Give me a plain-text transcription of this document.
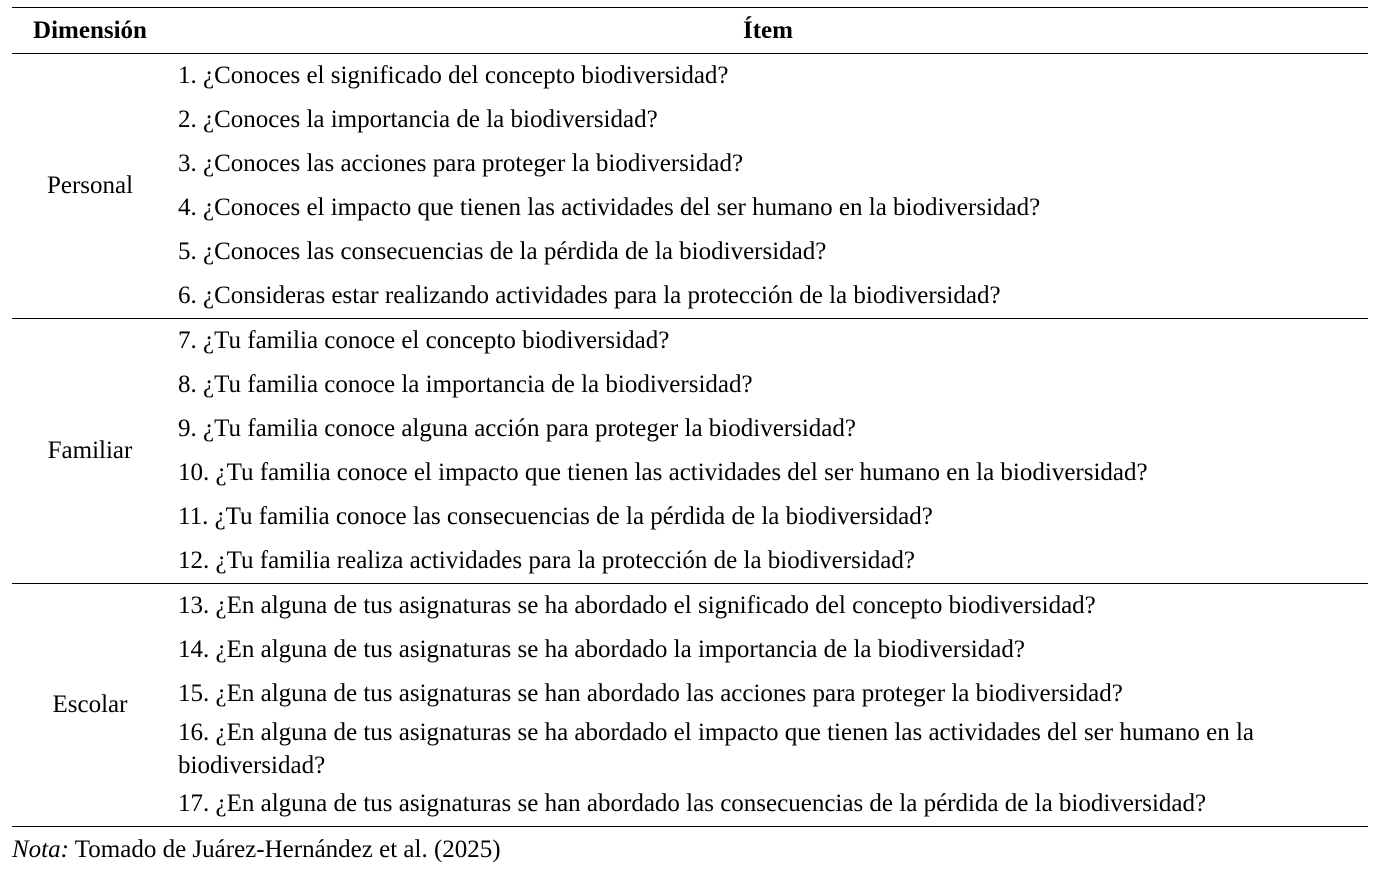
Dimensión	Ítem
Personal	1. ¿Conoces el significado del concepto biodiversidad?
	2. ¿Conoces la importancia de la biodiversidad?
	3. ¿Conoces las acciones para proteger la biodiversidad?
	4. ¿Conoces el impacto que tienen las actividades del ser humano en la biodiversidad?
	5. ¿Conoces las consecuencias de la pérdida de la biodiversidad?
	6. ¿Consideras estar realizando actividades para la protección de la biodiversidad?
Familiar	7. ¿Tu familia conoce el concepto biodiversidad?
	8. ¿Tu familia conoce la importancia de la biodiversidad?
	9. ¿Tu familia conoce alguna acción para proteger la biodiversidad?
	10. ¿Tu familia conoce el impacto que tienen las actividades del ser humano en la biodiversidad?
	11. ¿Tu familia conoce las consecuencias de la pérdida de la biodiversidad?
	12. ¿Tu familia realiza actividades para la protección de la biodiversidad?
Escolar	13. ¿En alguna de tus asignaturas se ha abordado el significado del concepto biodiversidad?
	14. ¿En alguna de tus asignaturas se ha abordado la importancia de la biodiversidad?
	15. ¿En alguna de tus asignaturas se han abordado las acciones para proteger la biodiversidad?
	16. ¿En alguna de tus asignaturas se ha abordado el impacto que tienen las actividades del ser humano en la biodiversidad?
	17. ¿En alguna de tus asignaturas se han abordado las consecuencias de la pérdida de la biodiversidad?
Nota: Tomado de Juárez-Hernández et al. (2025)
